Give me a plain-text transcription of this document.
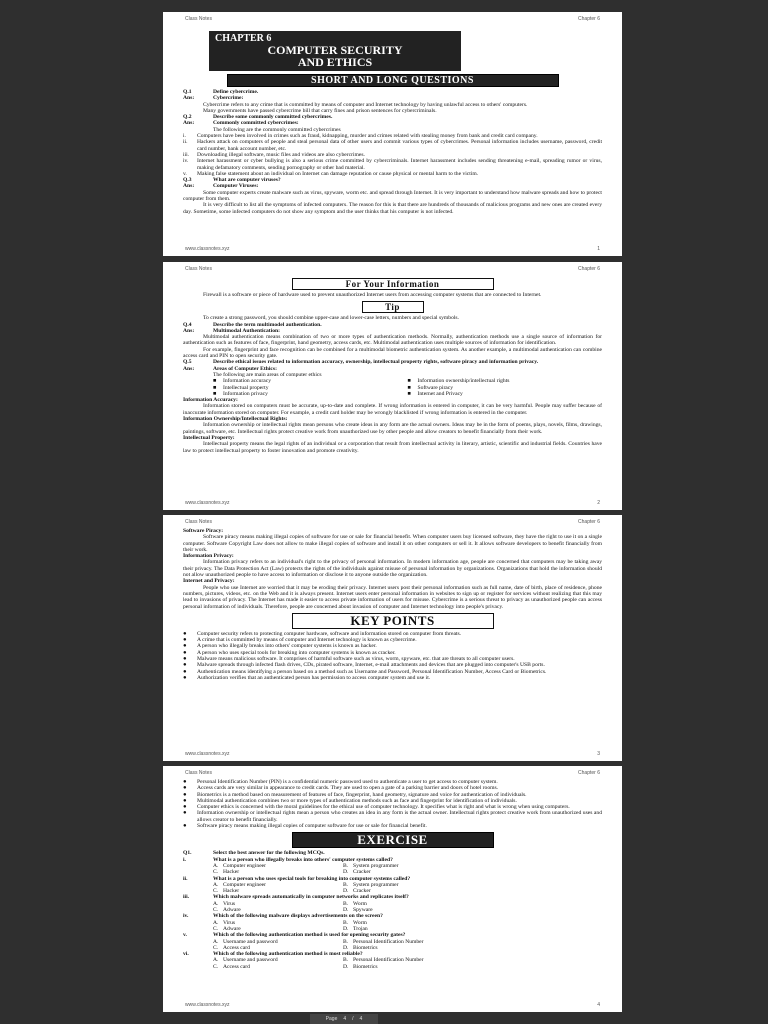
Class Notes	Chapter 6
CHAPTER 6
COMPUTER SECURITY
AND ETHICS
SHORT AND LONG QUESTIONS
Q.1	Define cybercrime.
Ans:	Cybercrime:

Cybercrime refers to any crime that is committed by means of computer and Internet technology by having unlawful access to others' computers.

Many governments have passed cybercrime bill that carry fines and prison sentences for cybercriminals.

Q.2	Describe some commonly committed cybercrimes.
Ans:	Commonly committed cybercrimes:

The following are the commonly committed cybercrimes

i.	Computers have been involved in crimes such as fraud, kidnapping, murder and crimes related with stealing money from bank and credit card company.

ii.	Hackers attack on computers of people and steal personal data of other users and commit various types of cybercrimes. Personal information includes username, password, credit card number, bank account number, etc.

iii.	Downloading illegal software, music files and videos are also cybercrimes.

iv.	Internet harassment or cyber bullying is also a serious crime committed by cybercriminals. Internet harassment includes sending threatening e-mail, spreading rumor or virus, making defamatory comments, sending pornography or other bad material.

v.	Making false statement about an individual on Internet can damage reputation or cause physical or mental harm to the victim.

Q.3	What are computer viruses?
Ans:	Computer Viruses:

Some computer experts create malware such as virus, spyware, worm etc. and spread through Internet. It is very important to understand how malware spreads and how to protect computer from them.

It is very difficult to list all the symptoms of infected computers. The reason for this is that there are hundreds of thousands of malicious programs and new ones are created every day. Sometime, some infected computers do not show any symptom and the user thinks that his computer is not infected.

www.classnotes.xyz	1
Class Notes	Chapter 6
For Your Information

Firewall is a software or piece of hardware used to prevent unauthorized Internet users from accessing computer systems that are connected to Internet.

Tip

To create a strong password, you should combine upper-case and lower-case letters, numbers and special symbols.

Q.4	Describe the term multimodel authentication.
Ans:	Multimodal Authentication:

Multimodal authentication means combination of two or more types of authentication methods. Normally, authentication methods use a single source of information for authentication such as features of face, fingerprint, hand geometry, access cards, etc. Multimodal authentication uses multiple sources of information for identification.

For example, fingerprint and face recognition can be combined for a multimodal biometric authentication system. As another example, a multimodal authentication can combine access card and PIN to open security gate.

Q.5	Describe ethical issues related to information accuracy, ownership, intellectual property rights, software piracy and information privacy.
Ans:	Areas of Computer Ethics:

The following are main areas of computer ethics

■	Information accuracy	■	Information ownership/intellectual rights
■	Intellectual property	■	Software piracy
■	Information privacy	■	Internet and Privacy
Information Accuracy:

Information stored on computers must be accurate, up-to-date and complete. If wrong information is entered in computer, it can be very harmful. People may suffer because of inaccurate information stored on computer. For example, a credit card holder may be wrongly blacklisted if wrong information is entered in the computer.

Information Ownership/Intellectual Rights:

Information ownership or intellectual rights mean persons who create ideas in any form are the actual owners. Ideas may be in the form of poems, plays, novels, films, drawings, paintings, software, etc. Intellectual rights protect creative work from unauthorized use by other people and allow creators to benefit financially from their work.

Intellectual Property:

Intellectual property means the legal rights of an individual or a corporation that result from intellectual activity in literary, artistic, scientific and industrial fields. Countries have law to protect intellectual property to foster innovation and promote creativity.

www.classnotes.xyz	2
Class Notes	Chapter 6
Software Piracy:

Software piracy means making illegal copies of software for use or sale for financial benefit. When computer users buy licensed software, they have the right to use it on a single computer. Software Copyright Law does not allow to make illegal copies of software and install it on other computers or sell it. It allows software developers to benefit financially from their work.

Information Privacy:

Information privacy refers to an individual's right to the privacy of personal information. In modern information age, people are concerned that computers may be taking away their privacy. The Data Protection Act (Law) protects the rights of the individuals against misuse of personal information by organizations. Organizations that hold the information should not allow unauthorized people to have access to information or disclose it to anyone outside the organization.

Internet and Privacy:

People who use Internet are worried that it may be eroding their privacy. Internet users post their personal information such as full name, date of birth, place of residence, phone numbers, pictures, videos, etc. on the Web and it is always present. Internet users enter personal information in websites to sign up or register for services without realizing that this may lead to invasions of privacy. The Internet has made it easier to access private information of users for misuse. Cybercrime is a serious threat to privacy as unauthorized people can access personal information of individuals. Therefore, people are concerned about invasion of computer and Internet technology into people's privacy.

KEY POINTS
●	Computer security refers to protecting computer hardware, software and information stored on computer from threats.

●	A crime that is committed by means of computer and Internet technology is known as cybercrime.

●	A person who illegally breaks into others' computer systems is known as hacker.

●	A person who uses special tools for breaking into computer systems is known as cracker.

●	Malware means malicious software. It comprises of harmful software such as virus, worm, spyware, etc. that are threats to all computer users.

●	Malware spreads through infected flash drives, CDs, pirated software, Internet, e-mail attachments and devices that are plugged into computer's USB ports.

●	Authentication means identifying a person based on a method such as Username and Password, Personal Identification Number, Access Card or Biometrics.

●	Authorization verifies that an authenticated person has permission to access computer system and use it.

www.classnotes.xyz	3
Class Notes	Chapter 6
●	Personal Identification Number (PIN) is a confidential numeric password used to authenticate a user to get access to computer system.

●	Access cards are very similar in appearance to credit cards. They are used to open a gate of a parking barrier and doors of hotel rooms.

●	Biometrics is a method based on measurement of features of face, fingerprint, hand geometry, signature and voice for authentication of individuals.

●	Multimodal authentication combines two or more types of authentication methods such as face and fingerprint for identification of individuals.

●	Computer ethics is concerned with the moral guidelines for the ethical use of computer technology. It specifies what is right and what is wrong when using computers.

●	Information ownership or intellectual rights mean a person who creates an idea in any form is the actual owner. Intellectual rights protect creative work from unauthorized uses and allows creator to benefit financially.

●	Software piracy means making illegal copies of computer software for use or sale for financial benefit.

EXERCISE
Q1.	Select the best answer for the following MCQs.
i.	What is a person who illegally breaks into others' computer systems called?
A. Computer engineer	B. System programmer
C. Hacker	D. Cracker
ii.	What is a person who uses special tools for breaking into computer systems called?
A. Computer engineer	B. System programmer
C. Hacker	D. Cracker
iii.	Which malware spreads automatically in computer networks and replicates itself?
A. Virus	B. Worm
C. Adware	D. Spyware
iv.	Which of the following malware displays advertisements on the screen?
A. Virus	B. Worm
C. Adware	D. Trojan
v.	Which of the following authentication method is used for opening security gates?
A. Username and password	B. Personal Identification Number
C. Access card	D. Biometrics
vi.	Which of the following authentication method is most reliable?
A. Username and password	B. Personal Identification Number
C. Access card	D. Biometrics
www.classnotes.xyz	4
Page 4 / 4
